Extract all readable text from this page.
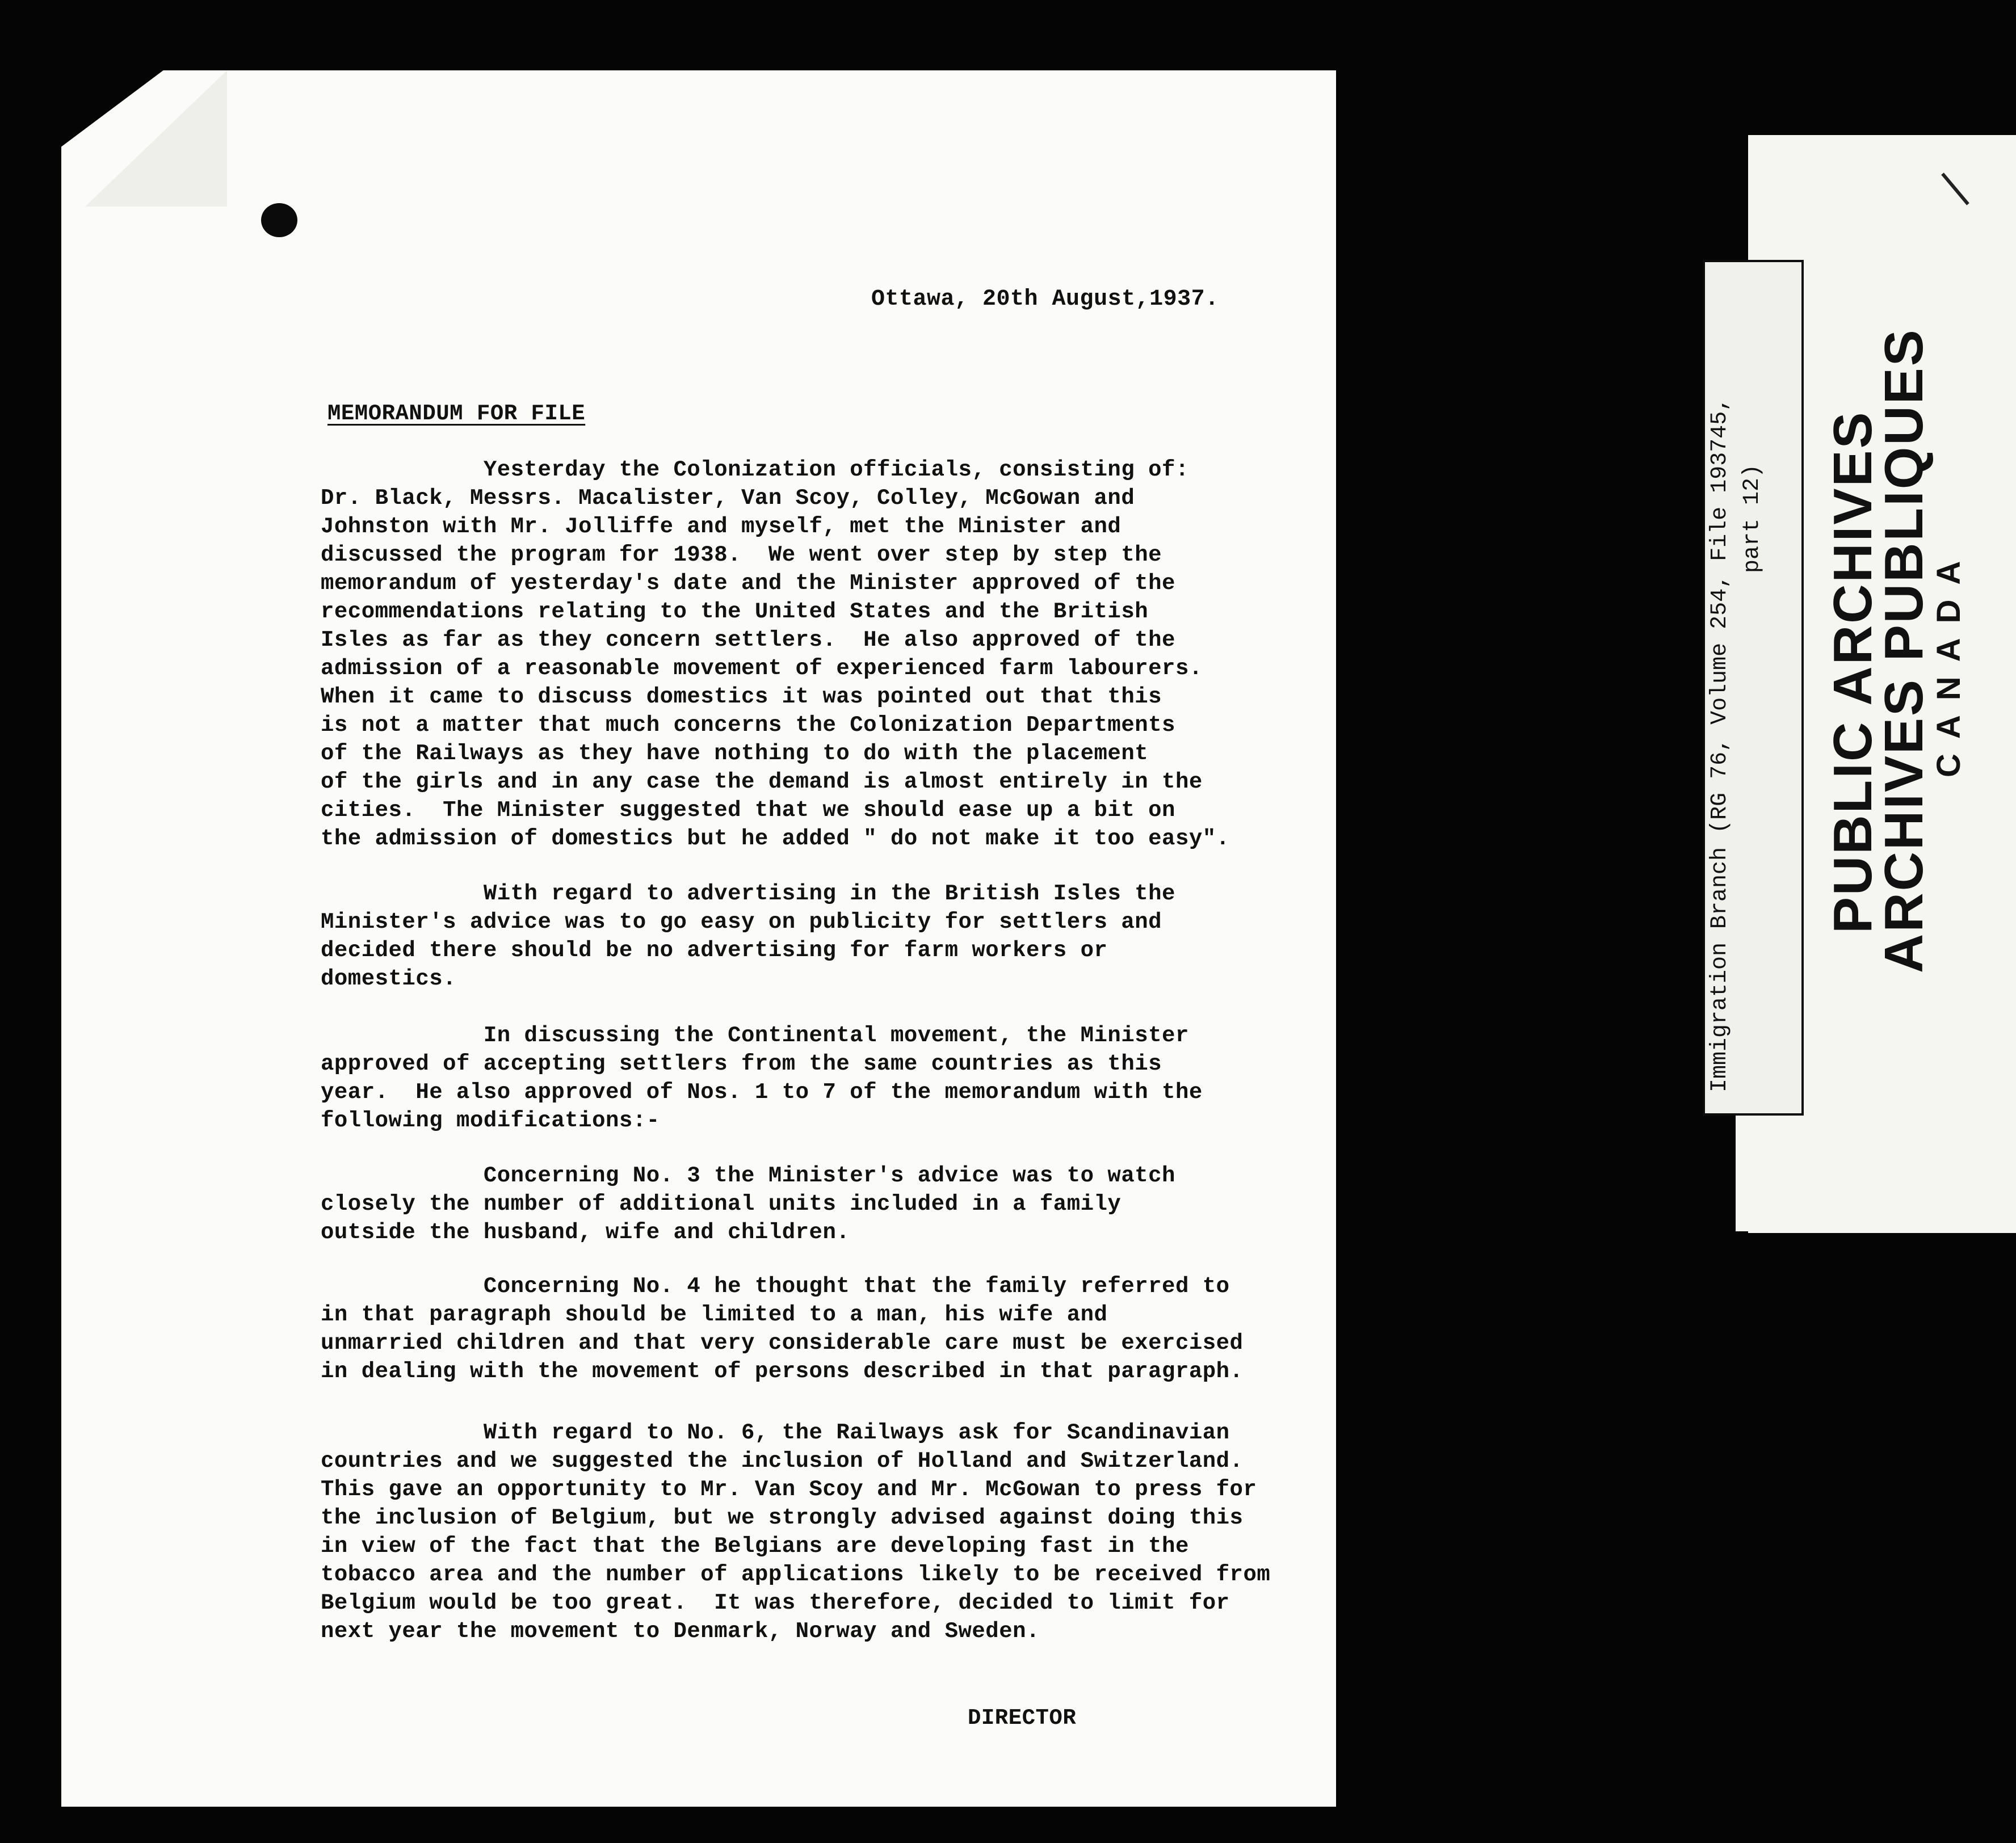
Ottawa, 20th August,1937.
MEMORANDUM FOR FILE
Yesterday the Colonization officials, consisting of:
Dr. Black, Messrs. Macalister, Van Scoy, Colley, McGowan and
Johnston with Mr. Jolliffe and myself, met the Minister and
discussed the program for 1938.  We went over step by step the
memorandum of yesterday's date and the Minister approved of the
recommendations relating to the United States and the British
Isles as far as they concern settlers.  He also approved of the
admission of a reasonable movement of experienced farm labourers.
When it came to discuss domestics it was pointed out that this
is not a matter that much concerns the Colonization Departments
of the Railways as they have nothing to do with the placement
of the girls and in any case the demand is almost entirely in the
cities.  The Minister suggested that we should ease up a bit on
the admission of domestics but he added " do not make it too easy".
With regard to advertising in the British Isles the
Minister's advice was to go easy on publicity for settlers and
decided there should be no advertising for farm workers or
domestics.
In discussing the Continental movement, the Minister
approved of accepting settlers from the same countries as this
year.  He also approved of Nos. 1 to 7 of the memorandum with the
following modifications:-
Concerning No. 3 the Minister's advice was to watch
closely the number of additional units included in a family
outside the husband, wife and children.
Concerning No. 4 he thought that the family referred to
in that paragraph should be limited to a man, his wife and
unmarried children and that very considerable care must be exercised
in dealing with the movement of persons described in that paragraph.
With regard to No. 6, the Railways ask for Scandinavian
countries and we suggested the inclusion of Holland and Switzerland.
This gave an opportunity to Mr. Van Scoy and Mr. McGowan to press for
the inclusion of Belgium, but we strongly advised against doing this
in view of the fact that the Belgians are developing fast in the
tobacco area and the number of applications likely to be received from
Belgium would be too great.  It was therefore, decided to limit for
next year the movement to Denmark, Norway and Sweden.
DIRECTOR
Immigration Branch (RG 76, Volume 254, File 193745, part 12) PUBLIC ARCHIVES
ARCHIVES PUBLIQUES
CANADA
